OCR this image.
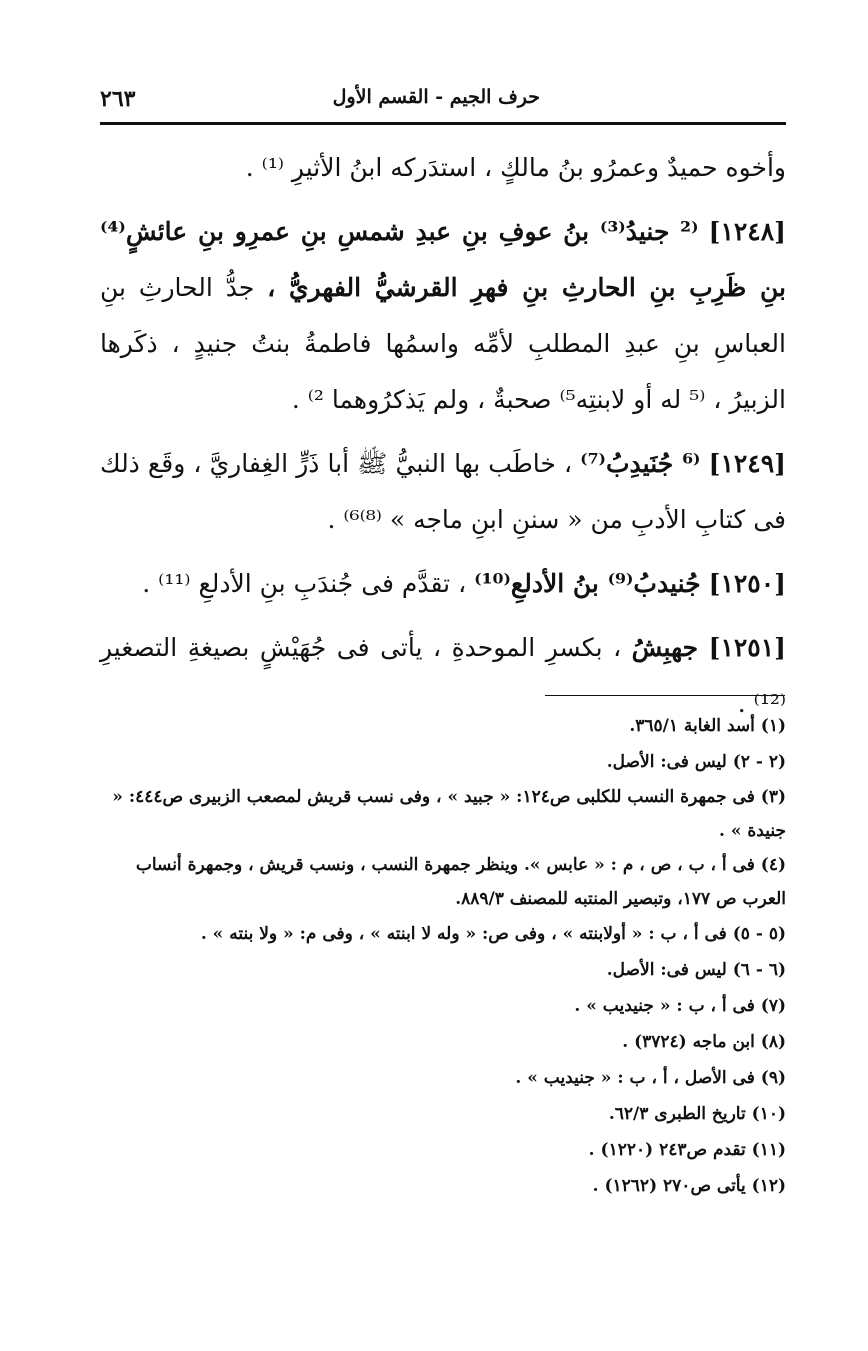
حرف الجيم - القسم الأول
٢٦٣

وأخوه حميدٌ وعمرُو بنُ مالكٍ ، استدَركه ابنُ الأثيرِ ⁽¹⁾ .

[١٢٤٨] ⁽² جنيدُ⁽³⁾ بنُ عوفِ بنِ عبدِ شمسِ بنِ عمرِو بنِ عائشٍ⁽⁴⁾ بنِ ظَرِبِ بنِ الحارثِ بنِ فهرِ القرشيُّ الفهريُّ ، جدُّ الحارثِ بنِ العباسِ بنِ عبدِ المطلبِ لأمِّه واسمُها فاطمةُ بنتُ جنيدٍ ، ذكَرها الزبيرُ ، ⁽⁵ له أو لابنتِه⁵⁾ صحبةٌ ، ولم يَذكرُوهما ²⁾ .

[١٢٤٩] ⁽⁶ جُنَيدِبُ⁽⁷⁾ ، خاطَب بها النبيُّ ﷺ أبا ذَرٍّ الغِفاريَّ ، وقَع ذلك فى كتابِ الأدبِ من « سننِ ابنِ ماجه » ⁽⁸⁾⁶⁾ .

[١٢٥٠] جُنيدبُ⁽⁹⁾ بنُ الأدلعِ⁽¹⁰⁾ ، تقدَّم فى جُندَبِ بنِ الأدلعِ ⁽¹¹⁾ .

[١٢٥١] جهبِشُ ، بكسرِ الموحدةِ ، يأتى فى جُهَيْشٍ بصيغةِ التصغيرِ ⁽¹²⁾ .

(١) أسد الغابة ٣٦٥/١.

(٢ - ٢) ليس فى: الأصل.

(٣) فى جمهرة النسب للكلبى ص١٢٤: « جبيد » ، وفى نسب قريش لمصعب الزبيرى ص٤٤٤: « جنيدة » .

(٤) فى أ ، ب ، ص ، م : « عابس ». وينظر جمهرة النسب ، ونسب قريش ، وجمهرة أنساب العرب ص ١٧٧، وتبصير المنتبه للمصنف ٨٨٩/٣.

(٥ - ٥) فى أ ، ب : « أولابنته » ، وفى ص: « وله لا ابنته » ، وفى م: « ولا بنته » .

(٦ - ٦) ليس فى: الأصل.

(٧) فى أ ، ب : « جنيديب » .

(٨) ابن ماجه (٣٧٢٤) .

(٩) فى الأصل ، أ ، ب : « جنيديب » .

(١٠) تاريخ الطبرى ٦٢/٣.

(١١) تقدم ص٢٤٣ (١٢٢٠) .

(١٢) يأتى ص٢٧٠ (١٢٦٢) .
